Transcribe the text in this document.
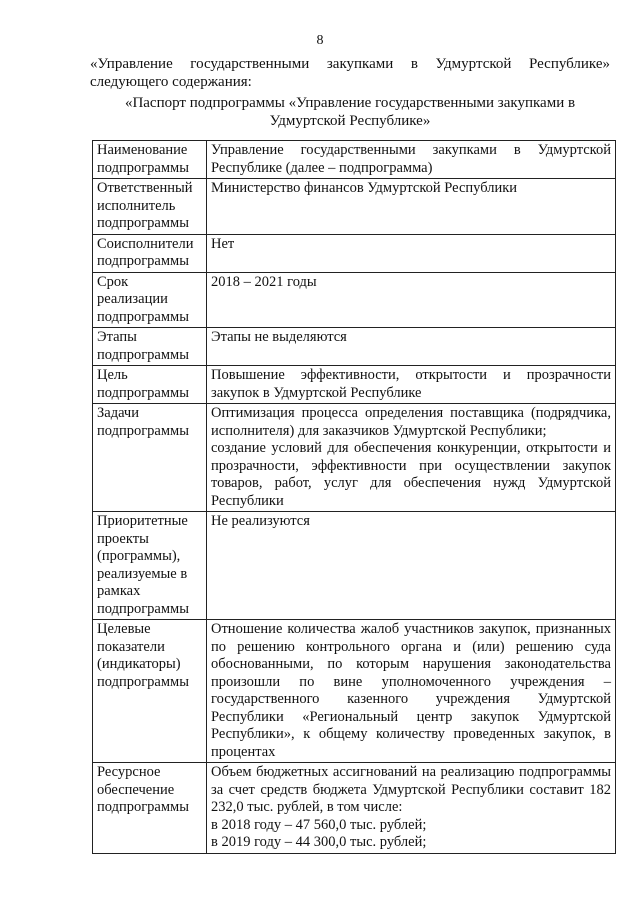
8
«Управление государственными закупками в Удмуртской Республике»
следующего содержания:
«Паспорт подпрограммы «Управление государственными закупками в
Удмуртской Республике»
Наименование подпрограммы	Управление государственными закупками в Удмуртской Республике (далее – подпрограмма)

Ответственный исполнитель подпрограммы	Министерство финансов Удмуртской Республики

Соисполнители подпрограммы	Нет

Срок реализации подпрограммы	2018 – 2021 годы

Этапы подпрограммы	Этапы не выделяются

Цель подпрограммы	Повышение эффективности, открытости и прозрачности закупок в Удмуртской Республике

Задачи подпрограммы	Оптимизация процесса определения поставщика (подрядчика, исполнителя) для заказчиков Удмуртской Республики;
создание условий для обеспечения конкуренции, открытости и прозрачности, эффективности при осуществлении закупок товаров, работ, услуг для обеспечения нужд Удмуртской Республики

Приоритетные проекты (программы), реализуемые в рамках подпрограммы	Не реализуются

Целевые показатели (индикаторы) подпрограммы	Отношение количества жалоб участников закупок, признанных по решению контрольного органа и (или) решению суда обоснованными, по которым нарушения законодательства произошли по вине уполномоченного учреждения – государственного казенного учреждения Удмуртской Республики «Региональный центр закупок Удмуртской Республики», к общему количеству проведенных закупок, в процентах

Ресурсное обеспечение подпрограммы	Объем бюджетных ассигнований на реализацию подпрограммы за счет средств бюджета Удмуртской Республики составит 182 232,0 тыс. рублей, в том числе:
в 2018 году – 47 560,0 тыс. рублей;
в 2019 году – 44 300,0 тыс. рублей;
